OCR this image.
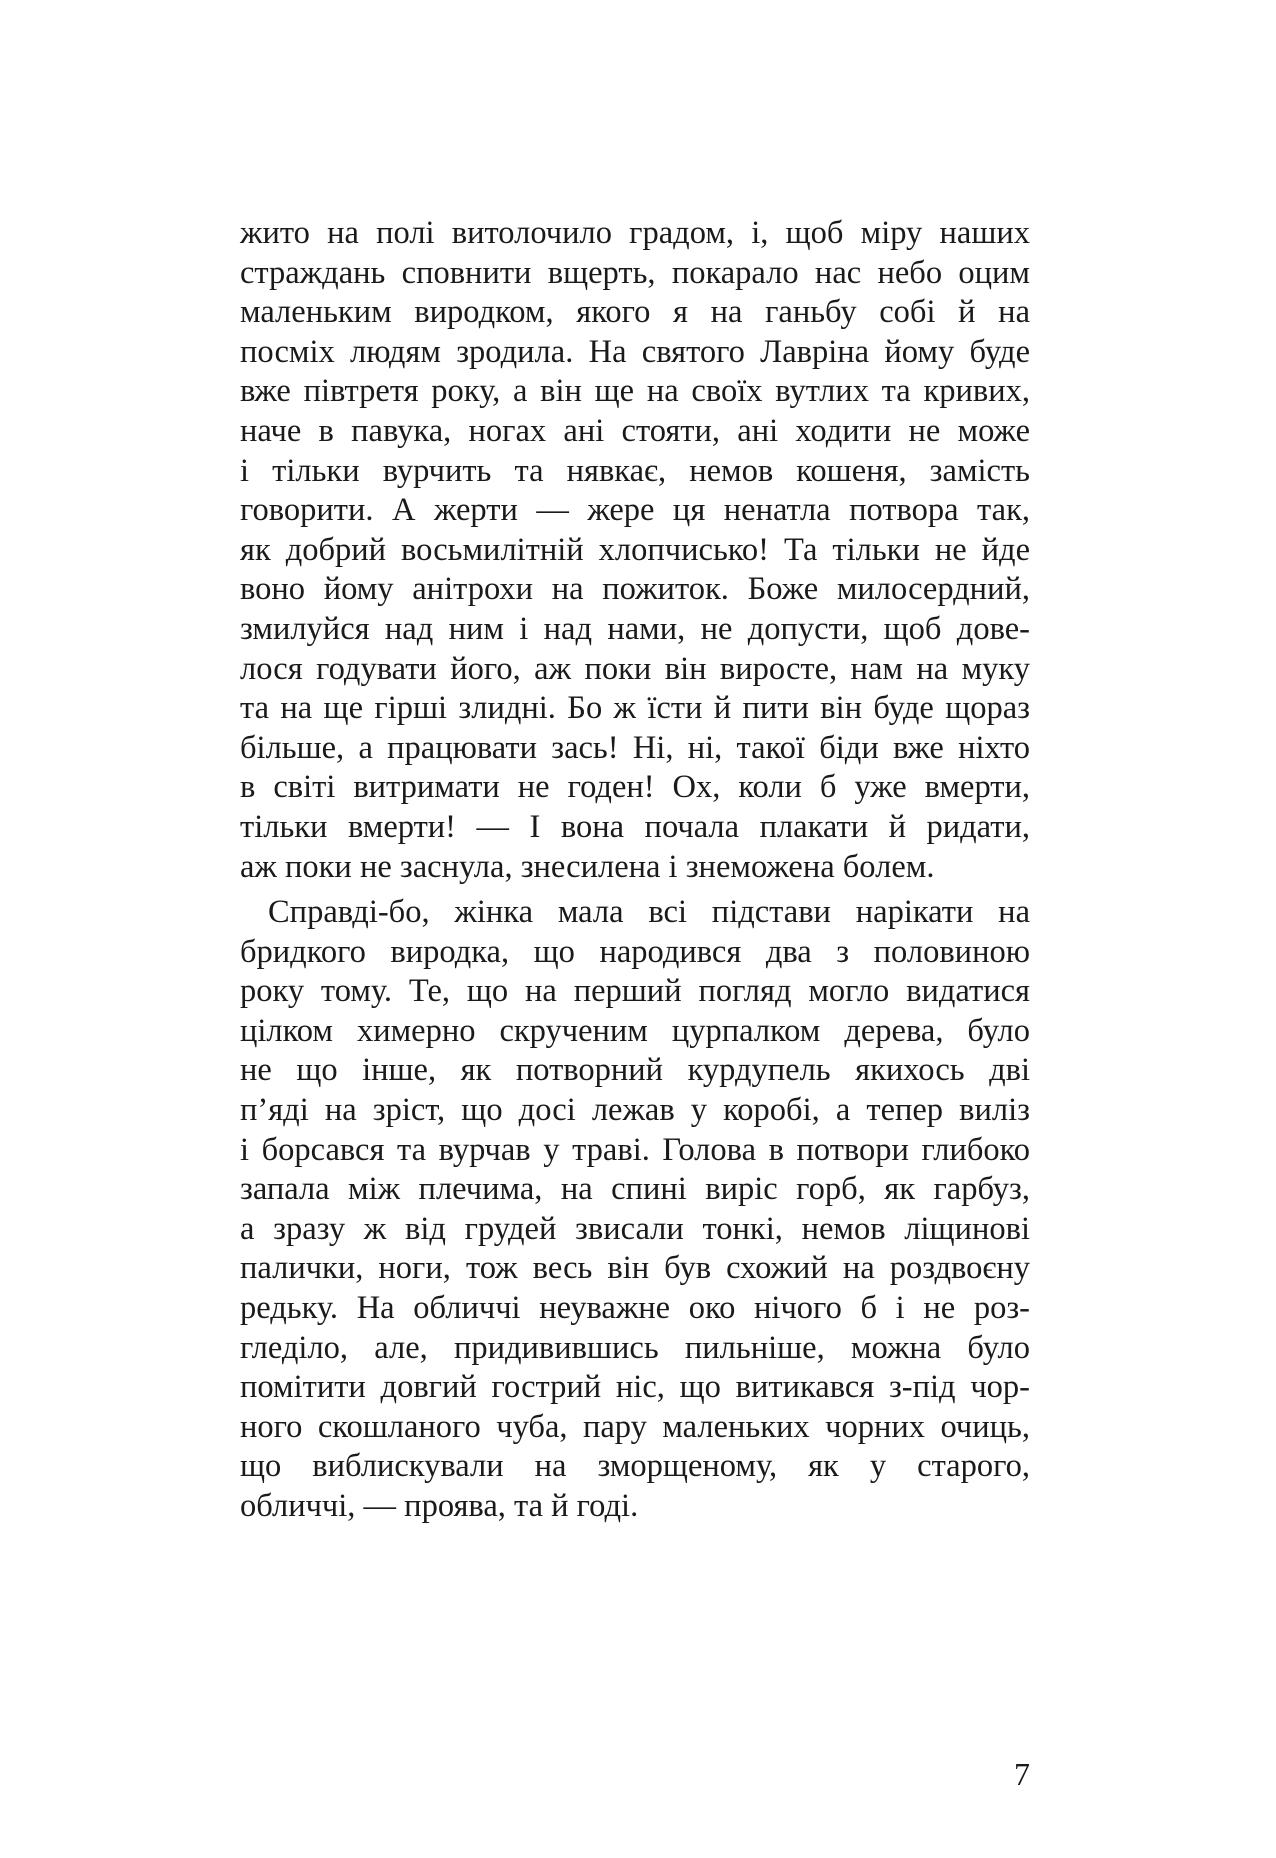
жито на полі витолочило градом, і, щоб міру наших
страждань сповнити вщерть, покарало нас небо оцим
маленьким виродком, якого я на ганьбу собі й на
посміх людям зродила. На святого Лаврiна йому буде
вже півтретя року, а він ще на своїх вутлих та кривих,
наче в павука, ногах ані стояти, ані ходити не може
і тільки вурчить та нявкає, немов кошеня, замість
говорити. А жерти — жере ця ненатла потвора так,
як добрий восьмилітній хлопчисько! Та тільки не йде
воно йому анітрохи на пожиток. Боже милосердний,
змилуйся над ним і над нами, не допусти, щоб дове-
лося годувати його, аж поки він виросте, нам на муку
та на ще гірші злидні. Бо ж їсти й пити він буде щораз
більше, а працювати зась! Ні, ні, такої біди вже ніхто
в світі витримати не годен! Ох, коли б уже вмерти,
тільки вмерти! — І вона почала плакати й ридати,
аж поки не заснула, знесилена і знеможена болем.
Справді-бо, жінка мала всі підстави нарікати на
бридкого виродка, що народився два з половиною
року тому. Те, що на перший погляд могло видатися
цілком химерно скрученим цурпалком дерева, було
не що інше, як потворний курдупель якихось дві
п’яді на зріст, що досі лежав у коробі, а тепер виліз
і борсався та вурчав у траві. Голова в потвори глибоко
запала між плечима, на спині виріс горб, як гарбуз,
а зразу ж від грудей звисали тонкі, немов ліщинові
палички, ноги, тож весь він був схожий на роздвоєну
редьку. На обличчі неуважне око нічого б і не роз-
гледіло, але, придивившись пильніше, можна було
помітити довгий гострий ніс, що витикався з-під чор-
ного скошланого чуба, пару маленьких чорних очиць,
що виблискували на зморщеному, як у старого,
обличчі, — проява, та й годі.
7
